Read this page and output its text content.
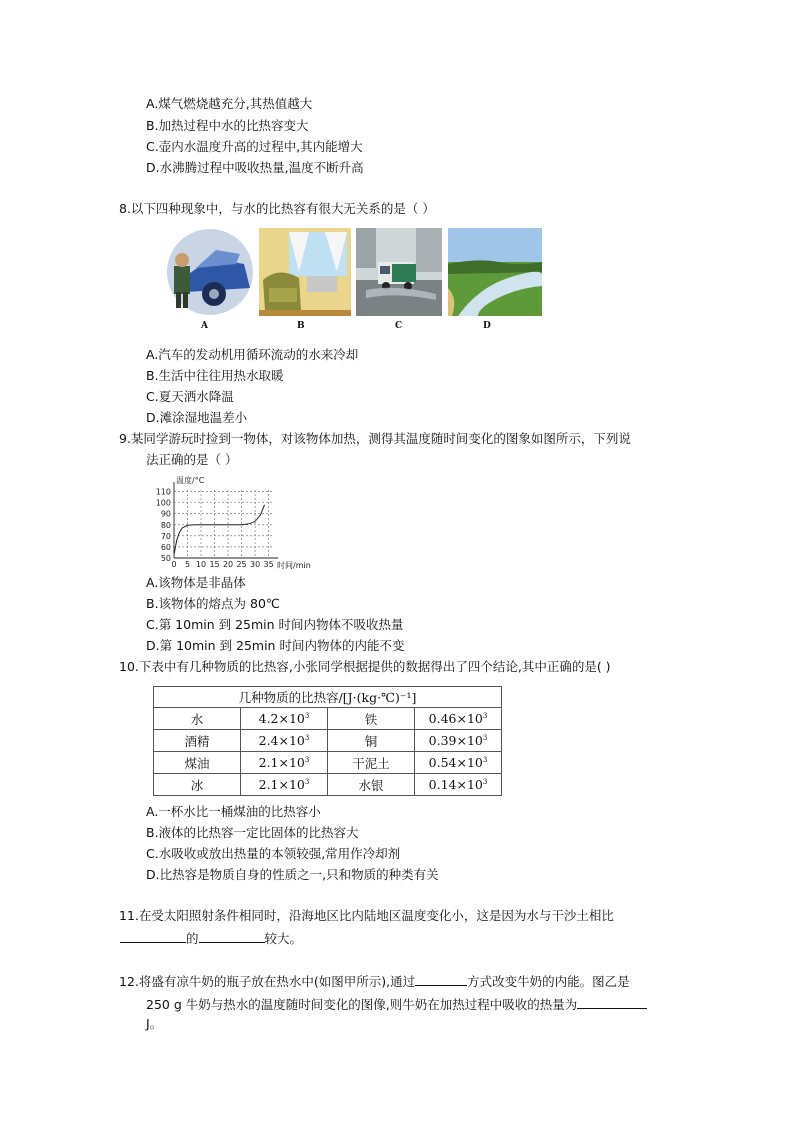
A.煤气燃烧越充分,其热值越大
B.加热过程中水的比热容变大
C.壶内水温度升高的过程中,其内能增大
D.水沸腾过程中吸收热量,温度不断升高
8.以下四种现象中，与水的比热容有很大无关系的是（ ）
A	B	C	D
A.汽车的发动机用循环流动的水来冷却
B.生活中往往用热水取暖
C.夏天洒水降温
D.滩涂湿地温差小
9.某同学游玩时捡到一物体，对该物体加热，测得其温度随时间变化的图象如图所示，下列说
法正确的是（ ）
50
60
70
80
90
100
110
0 5 10 15 20 25 30 35
温度/°C
时间/min
A.该物体是非晶体
B.该物体的熔点为 80℃
C.第 10min 到 25min 时间内物体不吸收热量
D.第 10min 到 25min 时间内物体的内能不变
10.下表中有几种物质的比热容,小张同学根据提供的数据得出了四个结论,其中正确的是( )
几种物质的比热容/[J·(kg·℃)⁻¹]			
水	$4.2\times 10^3$	铁	$0.46\times 10^3$
酒精	$2.4\times 10^3$	铜	$0.39\times 10^3$
煤油	$2.1\times 10^3$	干泥土	$0.54\times 10^3$
冰	$2.1\times 10^3$	水银	$0.14\times 10^3$
A.一杯水比一桶煤油的比热容小
B.液体的比热容一定比固体的比热容大
C.水吸收或放出热量的本领较强,常用作冷却剂
D.比热容是物质自身的性质之一,只和物质的种类有关
11.在受太阳照射条件相同时，沿海地区比内陆地区温度变化小，这是因为水与干沙土相比
的	较大。
12.将盛有凉牛奶的瓶子放在热水中(如图甲所示),通过	方式改变牛奶的内能。图乙是
250 g 牛奶与热水的温度随时间变化的图像,则牛奶在加热过程中吸收的热量为
J。
